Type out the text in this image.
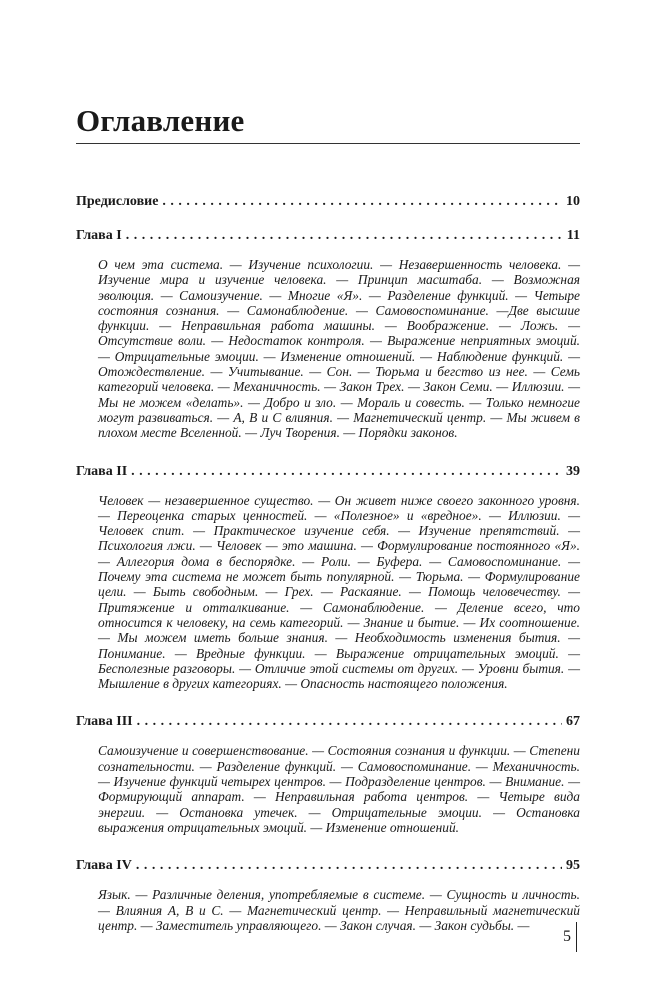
Оглавление
Предисловие . . .	10
Глава I . . .	11

О чем эта система. — Изучение психологии. — Незавершенность человека. — Изучение мира и изучение человека. — Принцип масштаба. — Возможная эволюция. — Самоизучение. — Многие «Я». — Разделение функций. — Четыре состояния сознания. — Самонаблюдение. — Самовоспоминание. —Две высшие функции. — Неправильная работа машины. — Воображение. — Ложь. — Отсутствие воли. — Недостаток контроля. — Выражение неприятных эмоций. — Отрицательные эмоции. — Изменение отношений. — Наблюдение функций. — Отождествление. — Учитывание. — Сон. — Тюрьма и бегство из нее. — Семь категорий человека. — Механичность. — Закон Трех. — Закон Семи. — Иллюзии. — Мы не можем «делать». — Добро и зло. — Мораль и совесть. — Только немногие могут развиваться. — А, В и С влияния. — Магнетический центр. — Мы живем в плохом месте Вселенной. — Луч Творения. — Порядки законов.

Глава II . . .	39

Человек — незавершенное существо. — Он живет ниже своего законного уровня. — Переоценка старых ценностей. — «Полезное» и «вредное». — Иллюзии. — Человек спит. — Практическое изучение себя. — Изучение препятствий. — Психология лжи. — Человек — это машина. — Формулирование постоянного «Я». — Аллегория дома в беспорядке. — Роли. — Буфера. — Самовоспоминание. — Почему эта система не может быть популярной. — Тюрьма. — Формулирование цели. — Быть свободным. — Грех. — Раскаяние. — Помощь человечеству. — Притяжение и отталкивание. — Самонаблюдение. — Деление всего, что относится к человеку, на семь категорий. — Знание и бытие. — Их соотношение. — Мы можем иметь больше знания. — Необходимость изменения бытия. — Понимание. — Вредные функции. — Выражение отрицательных эмоций. — Бесполезные разговоры. — Отличие этой системы от других. — Уровни бытия. — Мышление в других категориях. — Опасность настоящего положения.

Глава III . . .	67

Самоизучение и совершенствование. — Состояния сознания и функции. — Степени сознательности. — Разделение функций. — Самовоспоминание. — Механичность. — Изучение функций четырех центров. — Подразделение центров. — Внимание. — Формирующий аппарат. — Неправильная работа центров. — Четыре вида энергии. — Остановка утечек. — Отрицательные эмоции. — Остановка выражения отрицательных эмоций. — Изменение отношений.

Глава IV . . .	95

Язык. — Различные деления, употребляемые в системе. — Сущность и личность. — Влияния А, В и С. — Магнетический центр. — Неправильный магнетический центр. — Заместитель управляющего. — Закон случая. — Закон судьбы. —

5
